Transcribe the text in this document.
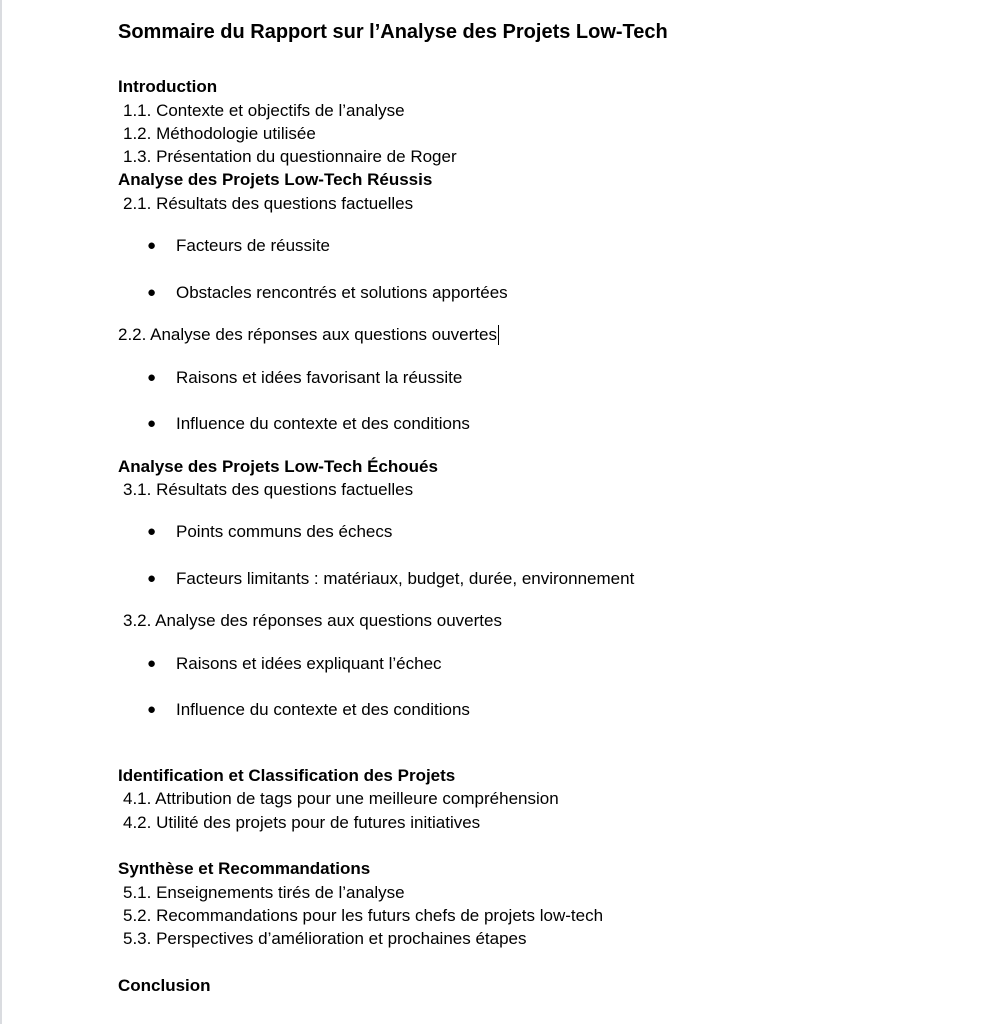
Sommaire du Rapport sur l’Analyse des Projets Low-Tech
Introduction
1.1. Contexte et objectifs de l’analyse
1.2. Méthodologie utilisée
1.3. Présentation du questionnaire de Roger
Analyse des Projets Low-Tech Réussis
2.1. Résultats des questions factuelles
● Facteurs de réussite
● Obstacles rencontrés et solutions apportées
2.2. Analyse des réponses aux questions ouvertes
● Raisons et idées favorisant la réussite
● Influence du contexte et des conditions
Analyse des Projets Low-Tech Échoués
3.1. Résultats des questions factuelles
● Points communs des échecs
● Facteurs limitants : matériaux, budget, durée, environnement
3.2. Analyse des réponses aux questions ouvertes
● Raisons et idées expliquant l’échec
● Influence du contexte et des conditions
Identification et Classification des Projets
4.1. Attribution de tags pour une meilleure compréhension
4.2. Utilité des projets pour de futures initiatives
Synthèse et Recommandations
5.1. Enseignements tirés de l’analyse
5.2. Recommandations pour les futurs chefs de projets low-tech
5.3. Perspectives d’amélioration et prochaines étapes
Conclusion
